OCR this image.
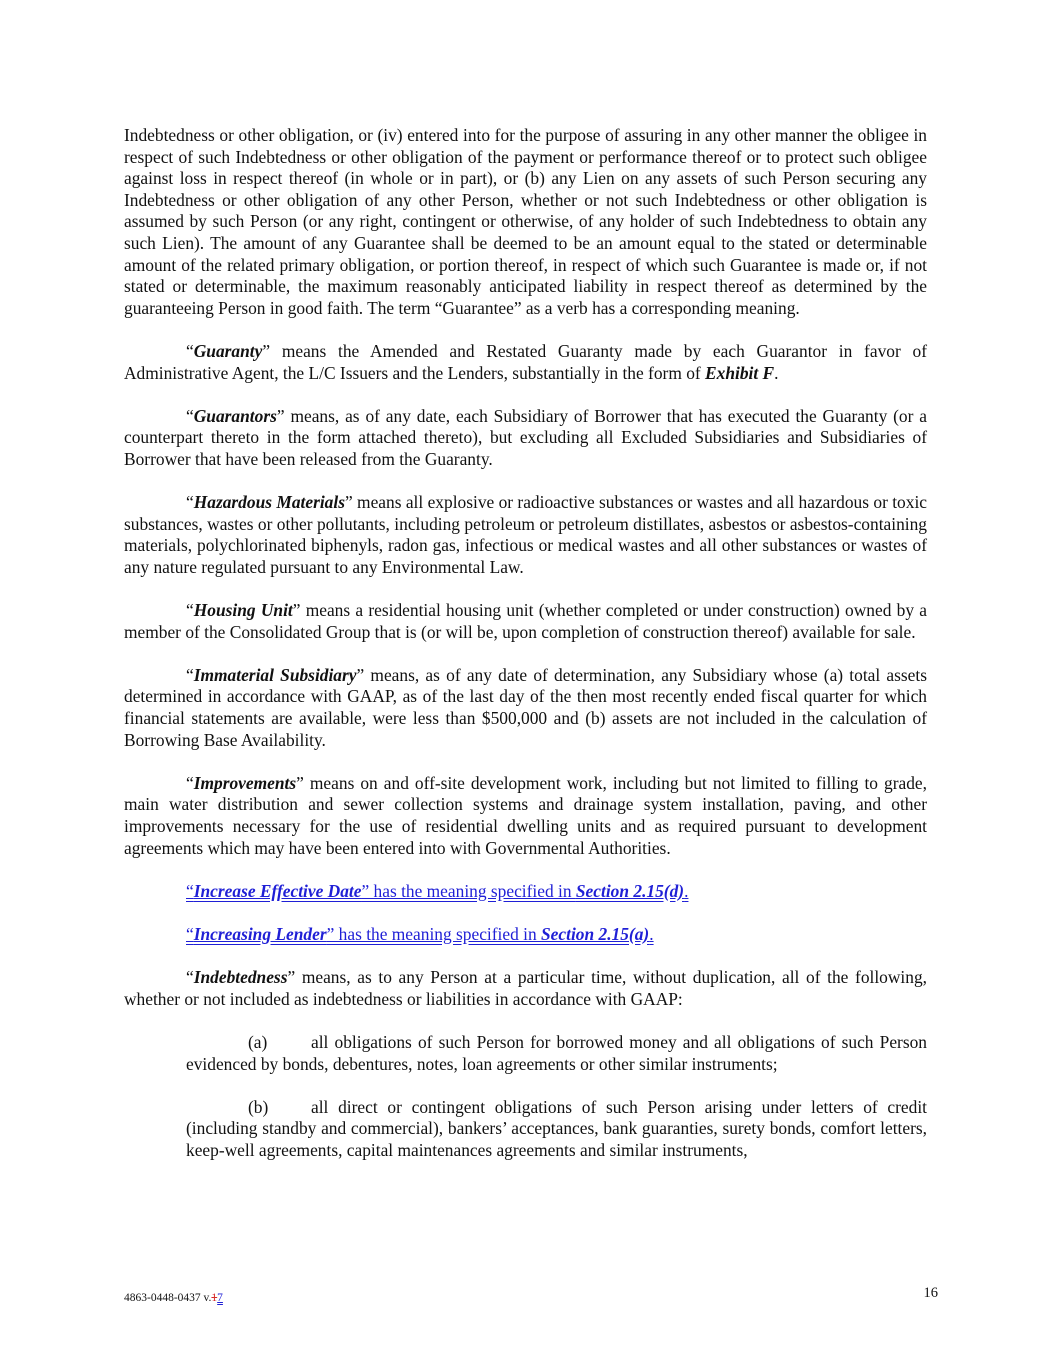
Indebtedness or other obligation, or (iv) entered into for the purpose of assuring in any other manner the obligee in respect of such Indebtedness or other obligation of the payment or performance thereof or to protect such obligee against loss in respect thereof (in whole or in part), or (b) any Lien on any assets of such Person securing any Indebtedness or other obligation of any other Person, whether or not such Indebtedness or other obligation is assumed by such Person (or any right, contingent or otherwise, of any holder of such Indebtedness to obtain any such Lien). The amount of any Guarantee shall be deemed to be an amount equal to the stated or determinable amount of the related primary obligation, or portion thereof, in respect of which such Guarantee is made or, if not stated or determinable, the maximum reasonably anticipated liability in respect thereof as determined by the guaranteeing Person in good faith. The term “Guarantee” as a verb has a corresponding meaning.

“Guaranty” means the Amended and Restated Guaranty made by each Guarantor in favor of Administrative Agent, the L/C Issuers and the Lenders, substantially in the form of Exhibit F.

“Guarantors” means, as of any date, each Subsidiary of Borrower that has executed the Guaranty (or a counterpart thereto in the form attached thereto), but excluding all Excluded Subsidiaries and Subsidiaries of Borrower that have been released from the Guaranty.

“Hazardous Materials” means all explosive or radioactive substances or wastes and all hazardous or toxic substances, wastes or other pollutants, including petroleum or petroleum distillates, asbestos or asbestos-containing materials, polychlorinated biphenyls, radon gas, infectious or medical wastes and all other substances or wastes of any nature regulated pursuant to any Environmental Law.

“Housing Unit” means a residential housing unit (whether completed or under construction) owned by a member of the Consolidated Group that is (or will be, upon completion of construction thereof) available for sale.

“Immaterial Subsidiary” means, as of any date of determination, any Subsidiary whose (a) total assets determined in accordance with GAAP, as of the last day of the then most recently ended fiscal quarter for which financial statements are available, were less than $500,000 and (b) assets are not included in the calculation of Borrowing Base Availability.

“Improvements” means on and off-site development work, including but not limited to filling to grade, main water distribution and sewer collection systems and drainage system installation, paving, and other improvements necessary for the use of residential dwelling units and as required pursuant to development agreements which may have been entered into with Governmental Authorities.

“Increase Effective Date” has the meaning specified in Section 2.15(d).

“Increasing Lender” has the meaning specified in Section 2.15(a).

“Indebtedness” means, as to any Person at a particular time, without duplication, all of the following, whether or not included as indebtedness or liabilities in accordance with GAAP:

(a)	all obligations of such Person for borrowed money and all obligations of such Person evidenced by bonds, debentures, notes, loan agreements or other similar instruments;

(b) all direct or contingent obligations of such Person arising under letters of credit (including standby and commercial), bankers’ acceptances, bank guaranties, surety bonds, comfort letters, keep-well agreements, capital maintenances agreements and similar instruments,

4863-0448-0437 v.17	16
